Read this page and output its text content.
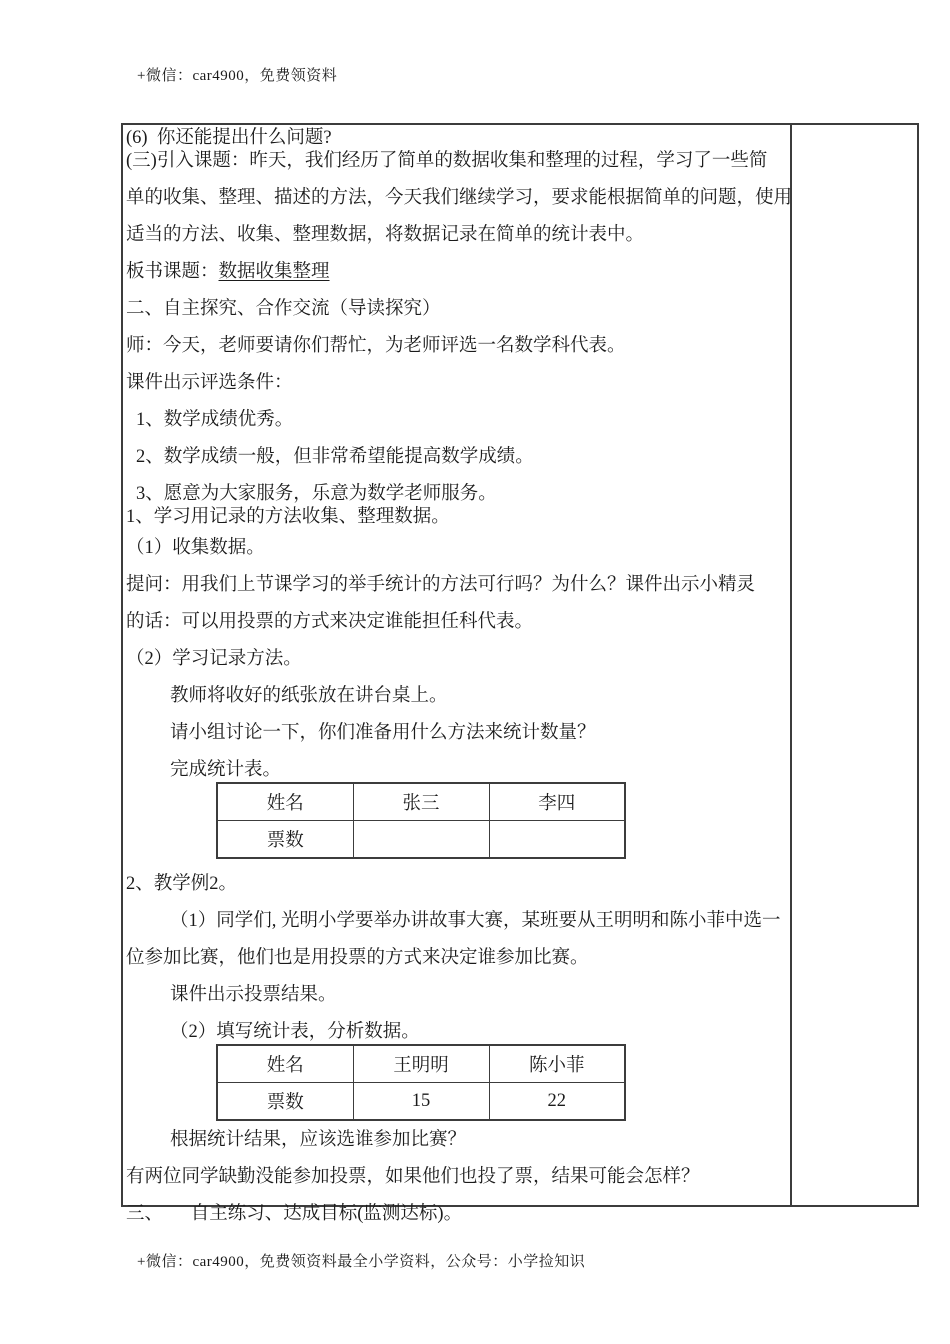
+微信：car4900，免费领资料
(6)  你还能提出什么问题?
(三)引入课题：昨天，我们经历了简单的数据收集和整理的过程，学习了一些简
单的收集、整理、描述的方法，今天我们继续学习，要求能根据简单的问题，使用
适当的方法、收集、整理数据，将数据记录在简单的统计表中。
板书课题：数据收集整理
二、自主探究、合作交流（导读探究）
师：今天，老师要请你们帮忙，为老师评选一名数学科代表。
课件出示评选条件：
1、数学成绩优秀。
2、数学成绩一般，但非常希望能提高数学成绩。
3、愿意为大家服务，乐意为数学老师服务。
1、学习用记录的方法收集、整理数据。
（1）收集数据。
提问：用我们上节课学习的举手统计的方法可行吗？为什么？课件出示小精灵
的话：可以用投票的方式来决定谁能担任科代表。
（2）学习记录方法。
教师将收好的纸张放在讲台桌上。
请小组讨论一下，你们准备用什么方法来统计数量？
完成统计表。
姓名	张三	李四
票数		
2、教学例2。
（1）同学们, 光明小学要举办讲故事大赛，某班要从王明明和陈小菲中选一
位参加比赛，他们也是用投票的方式来决定谁参加比赛。
课件出示投票结果。
（2）填写统计表，分析数据。
姓名	王明明	陈小菲
票数	15	22
根据统计结果，应该选谁参加比赛？
有两位同学缺勤没能参加投票，如果他们也投了票，结果可能会怎样？
三、　　自主练习、达成目标(监测达标)。
+微信：car4900，免费领资料最全小学资料，公众号：小学捡知识
